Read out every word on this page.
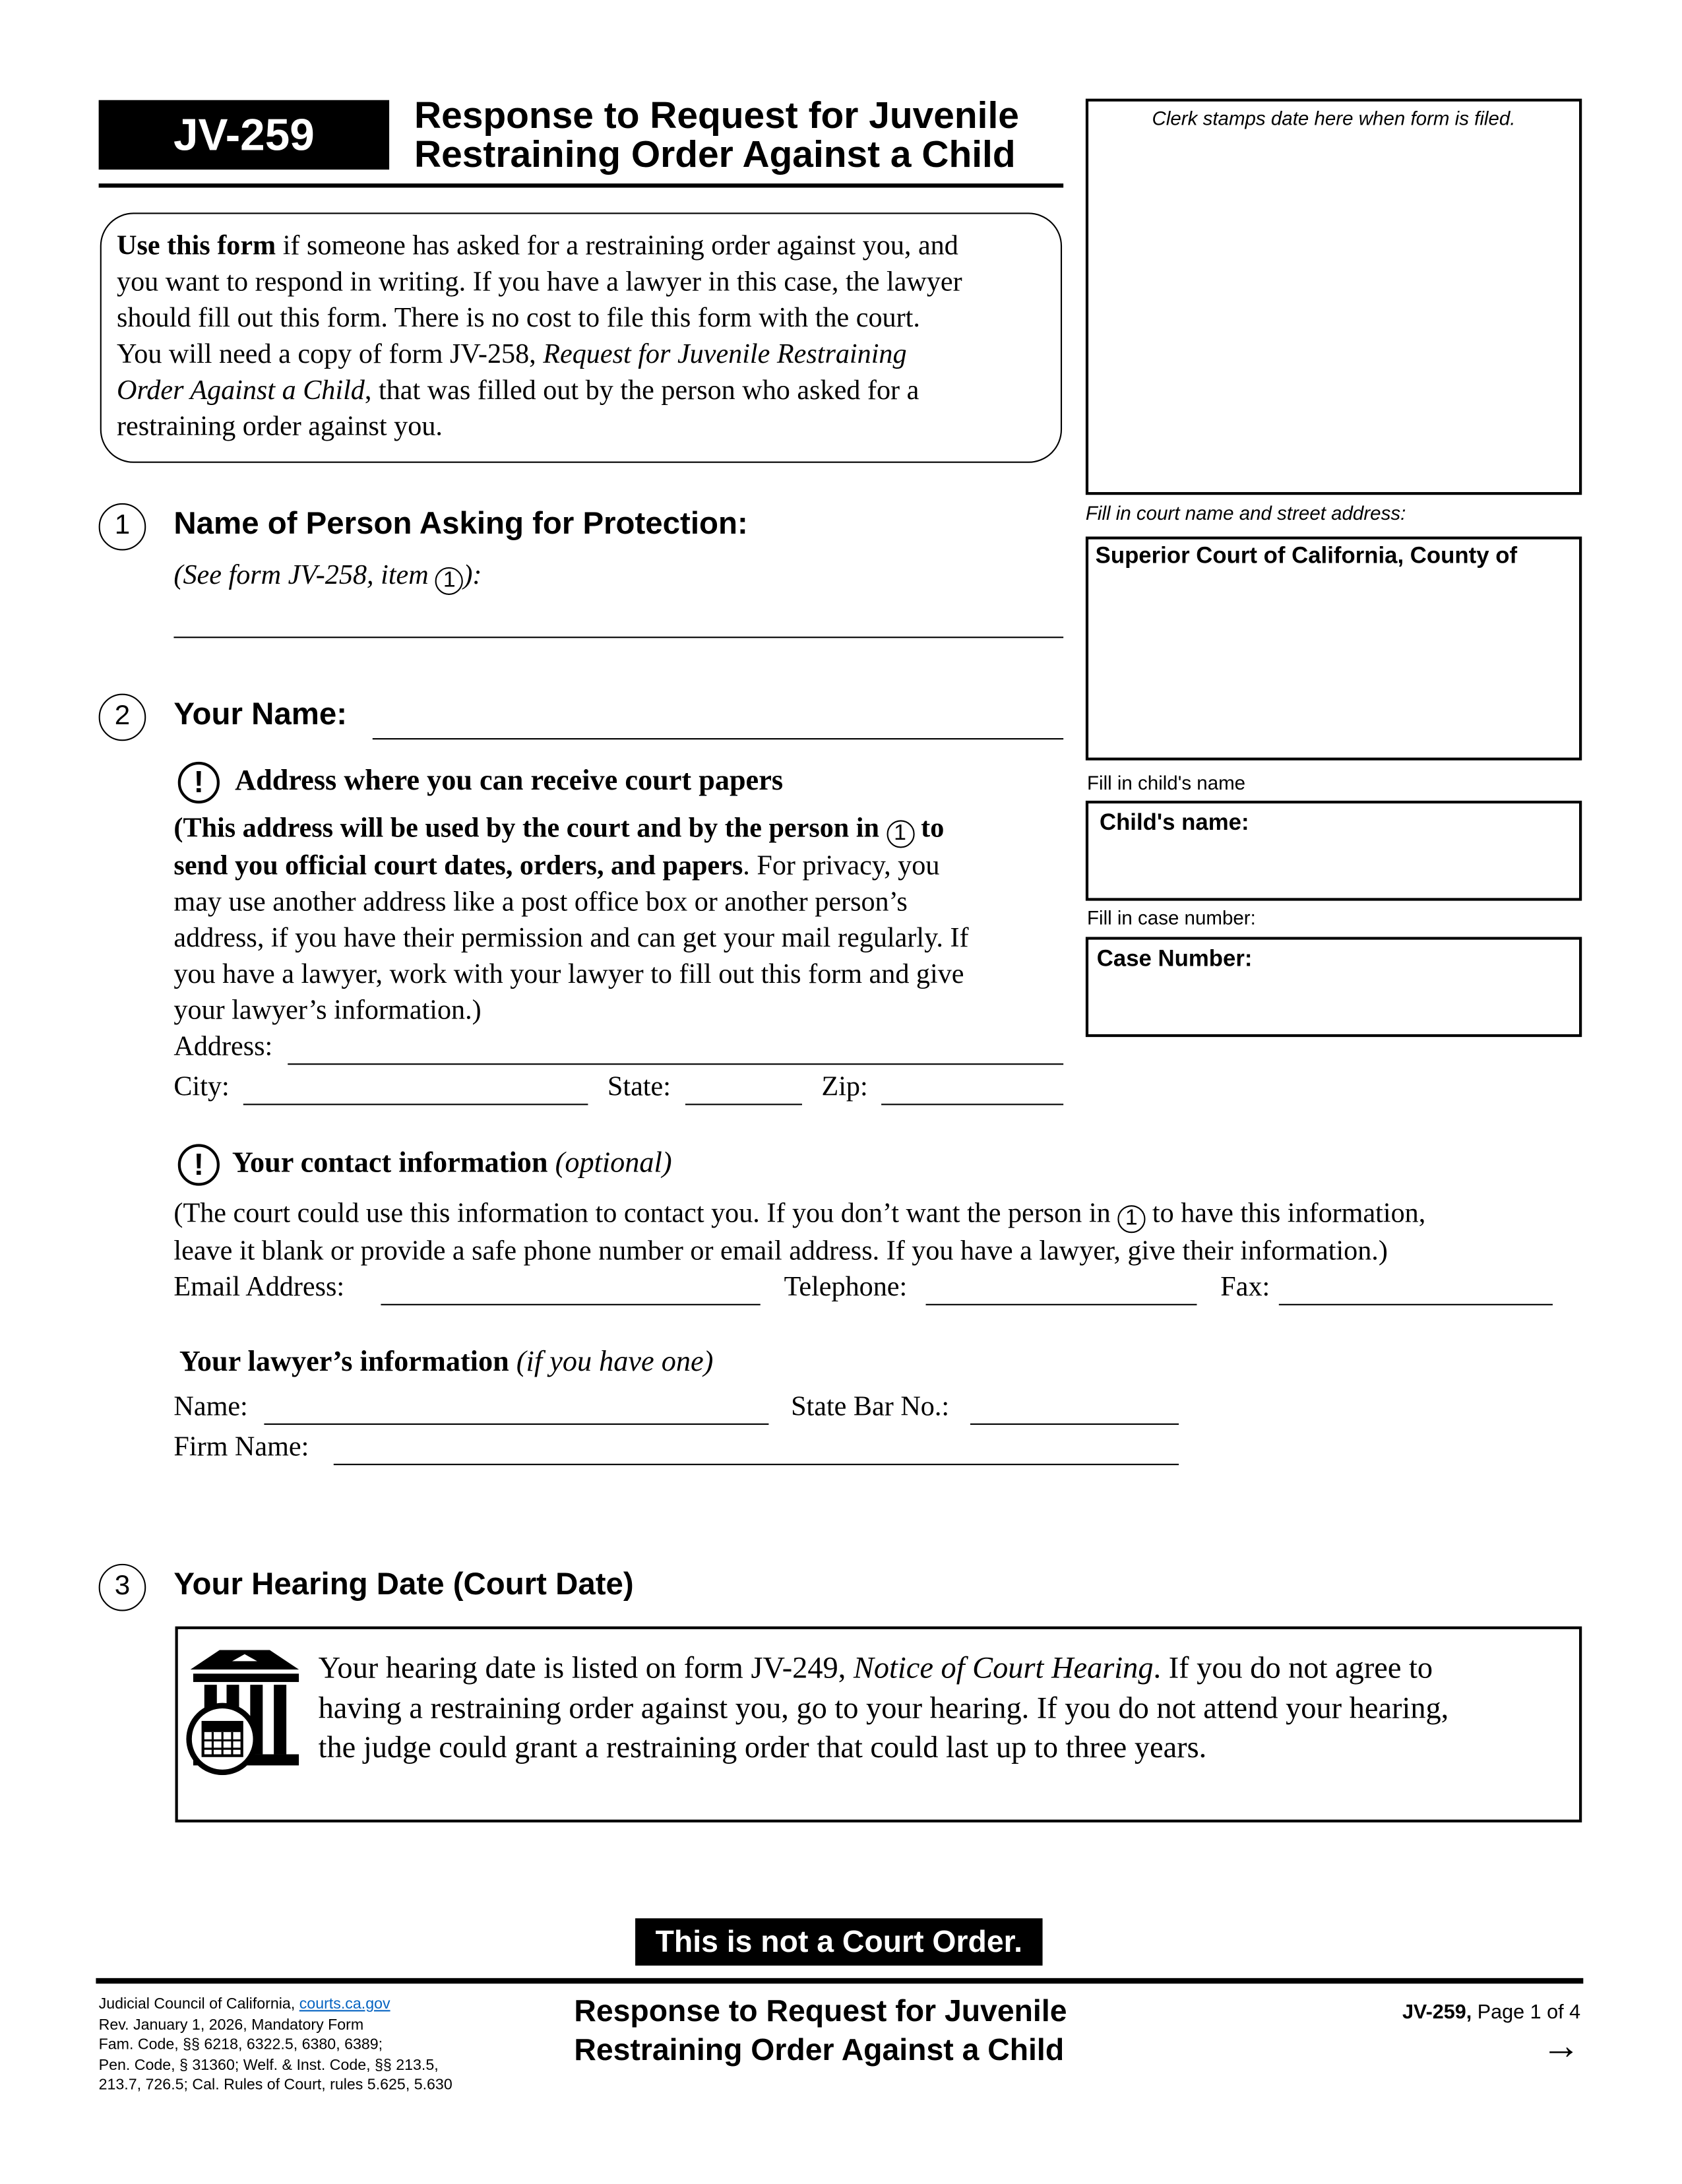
JV-259	Response to Request for Juvenile
Restraining Order Against a Child
Clerk stamps date here when form is filed.
Use this form if someone has asked for a restraining order against you, and
you want to respond in writing. If you have a lawyer in this case, the lawyer
should fill out this form. There is no cost to file this form with the court.
You will need a copy of form JV-258, Request for Juvenile Restraining
Order Against a Child, that was filled out by the person who asked for a
restraining order against you.
Fill in court name and street address:
Superior Court of California, County of
Fill in child's name
Child's name:
Fill in case number:
Case Number:
1	Name of Person Asking for Protection:
(See form JV-258, item 1 ):
2	Your Name:
!	Address where you can receive court papers
(This address will be used by the court and by the person in 1 to
send you official court dates, orders, and papers. For privacy, you
may use another address like a post office box or another person’s
address, if you have their permission and can get your mail regularly. If
you have a lawyer, work with your lawyer to fill out this form and give
your lawyer’s information.)
Address:
City:	State:	Zip:
!	Your contact information (optional)
(The court could use this information to contact you. If you don’t want the person in 1 to have this information,
leave it blank or provide a safe phone number or email address. If you have a lawyer, give their information.)
Email Address:	Telephone:	Fax:
Your lawyer’s information (if you have one)
Name:	State Bar No.:
Firm Name:
3	Your Hearing Date (Court Date)
Your hearing date is listed on form JV-249, Notice of Court Hearing. If you do not agree to
having a restraining order against you, go to your hearing. If you do not attend your hearing,
the judge could grant a restraining order that could last up to three years.
This is not a Court Order.
Judicial Council of California, courts.ca.gov
Rev. January 1, 2026, Mandatory Form
Fam. Code, §§ 6218, 6322.5, 6380, 6389;
Pen. Code, § 31360; Welf. & Inst. Code, §§ 213.5,
213.7, 726.5; Cal. Rules of Court, rules 5.625, 5.630
Response to Request for Juvenile
Restraining Order Against a Child
JV-259, Page 1 of 4
→
